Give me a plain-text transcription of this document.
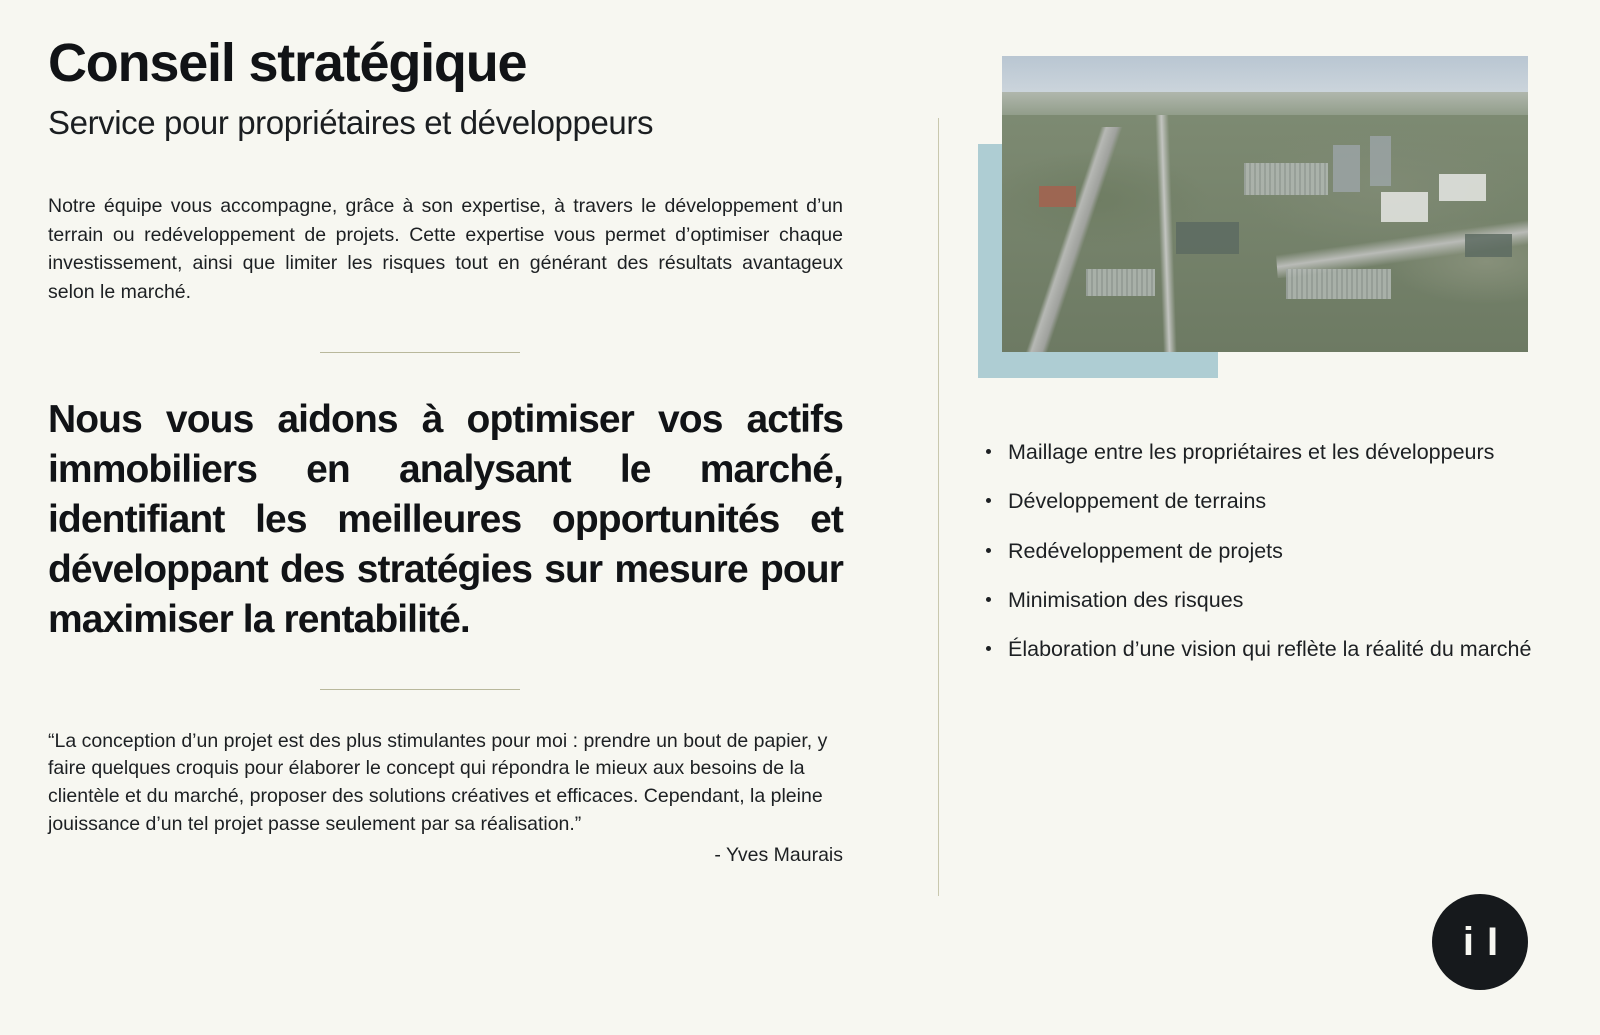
Conseil stratégique
Service pour propriétaires et développeurs

Notre équipe vous accompagne, grâce à son expertise, à travers le développement d’un terrain ou redéveloppement de projets. Cette expertise vous permet d’optimiser chaque investissement, ainsi que limiter les risques tout en générant des résultats avantageux selon le marché.

Nous vous aidons à optimiser vos actifs immobiliers en analysant le marché, identifiant les meilleures opportunités et développant des stratégies sur mesure pour maximiser la rentabilité.

“La conception d’un projet est des plus stimulantes pour moi : prendre un bout de papier, y faire quelques croquis pour élaborer le concept qui répondra le mieux aux besoins de la clientèle et du marché, proposer des solutions créatives et efficaces. Cependant, la pleine jouissance d’un tel projet passe seulement par sa réalisation.”

- Yves Maurais

Maillage entre les propriétaires et les développeurs
Développement de terrains
Redéveloppement de projets
Minimisation des risques
Élaboration d’une vision qui reflète la réalité du marché
i I
